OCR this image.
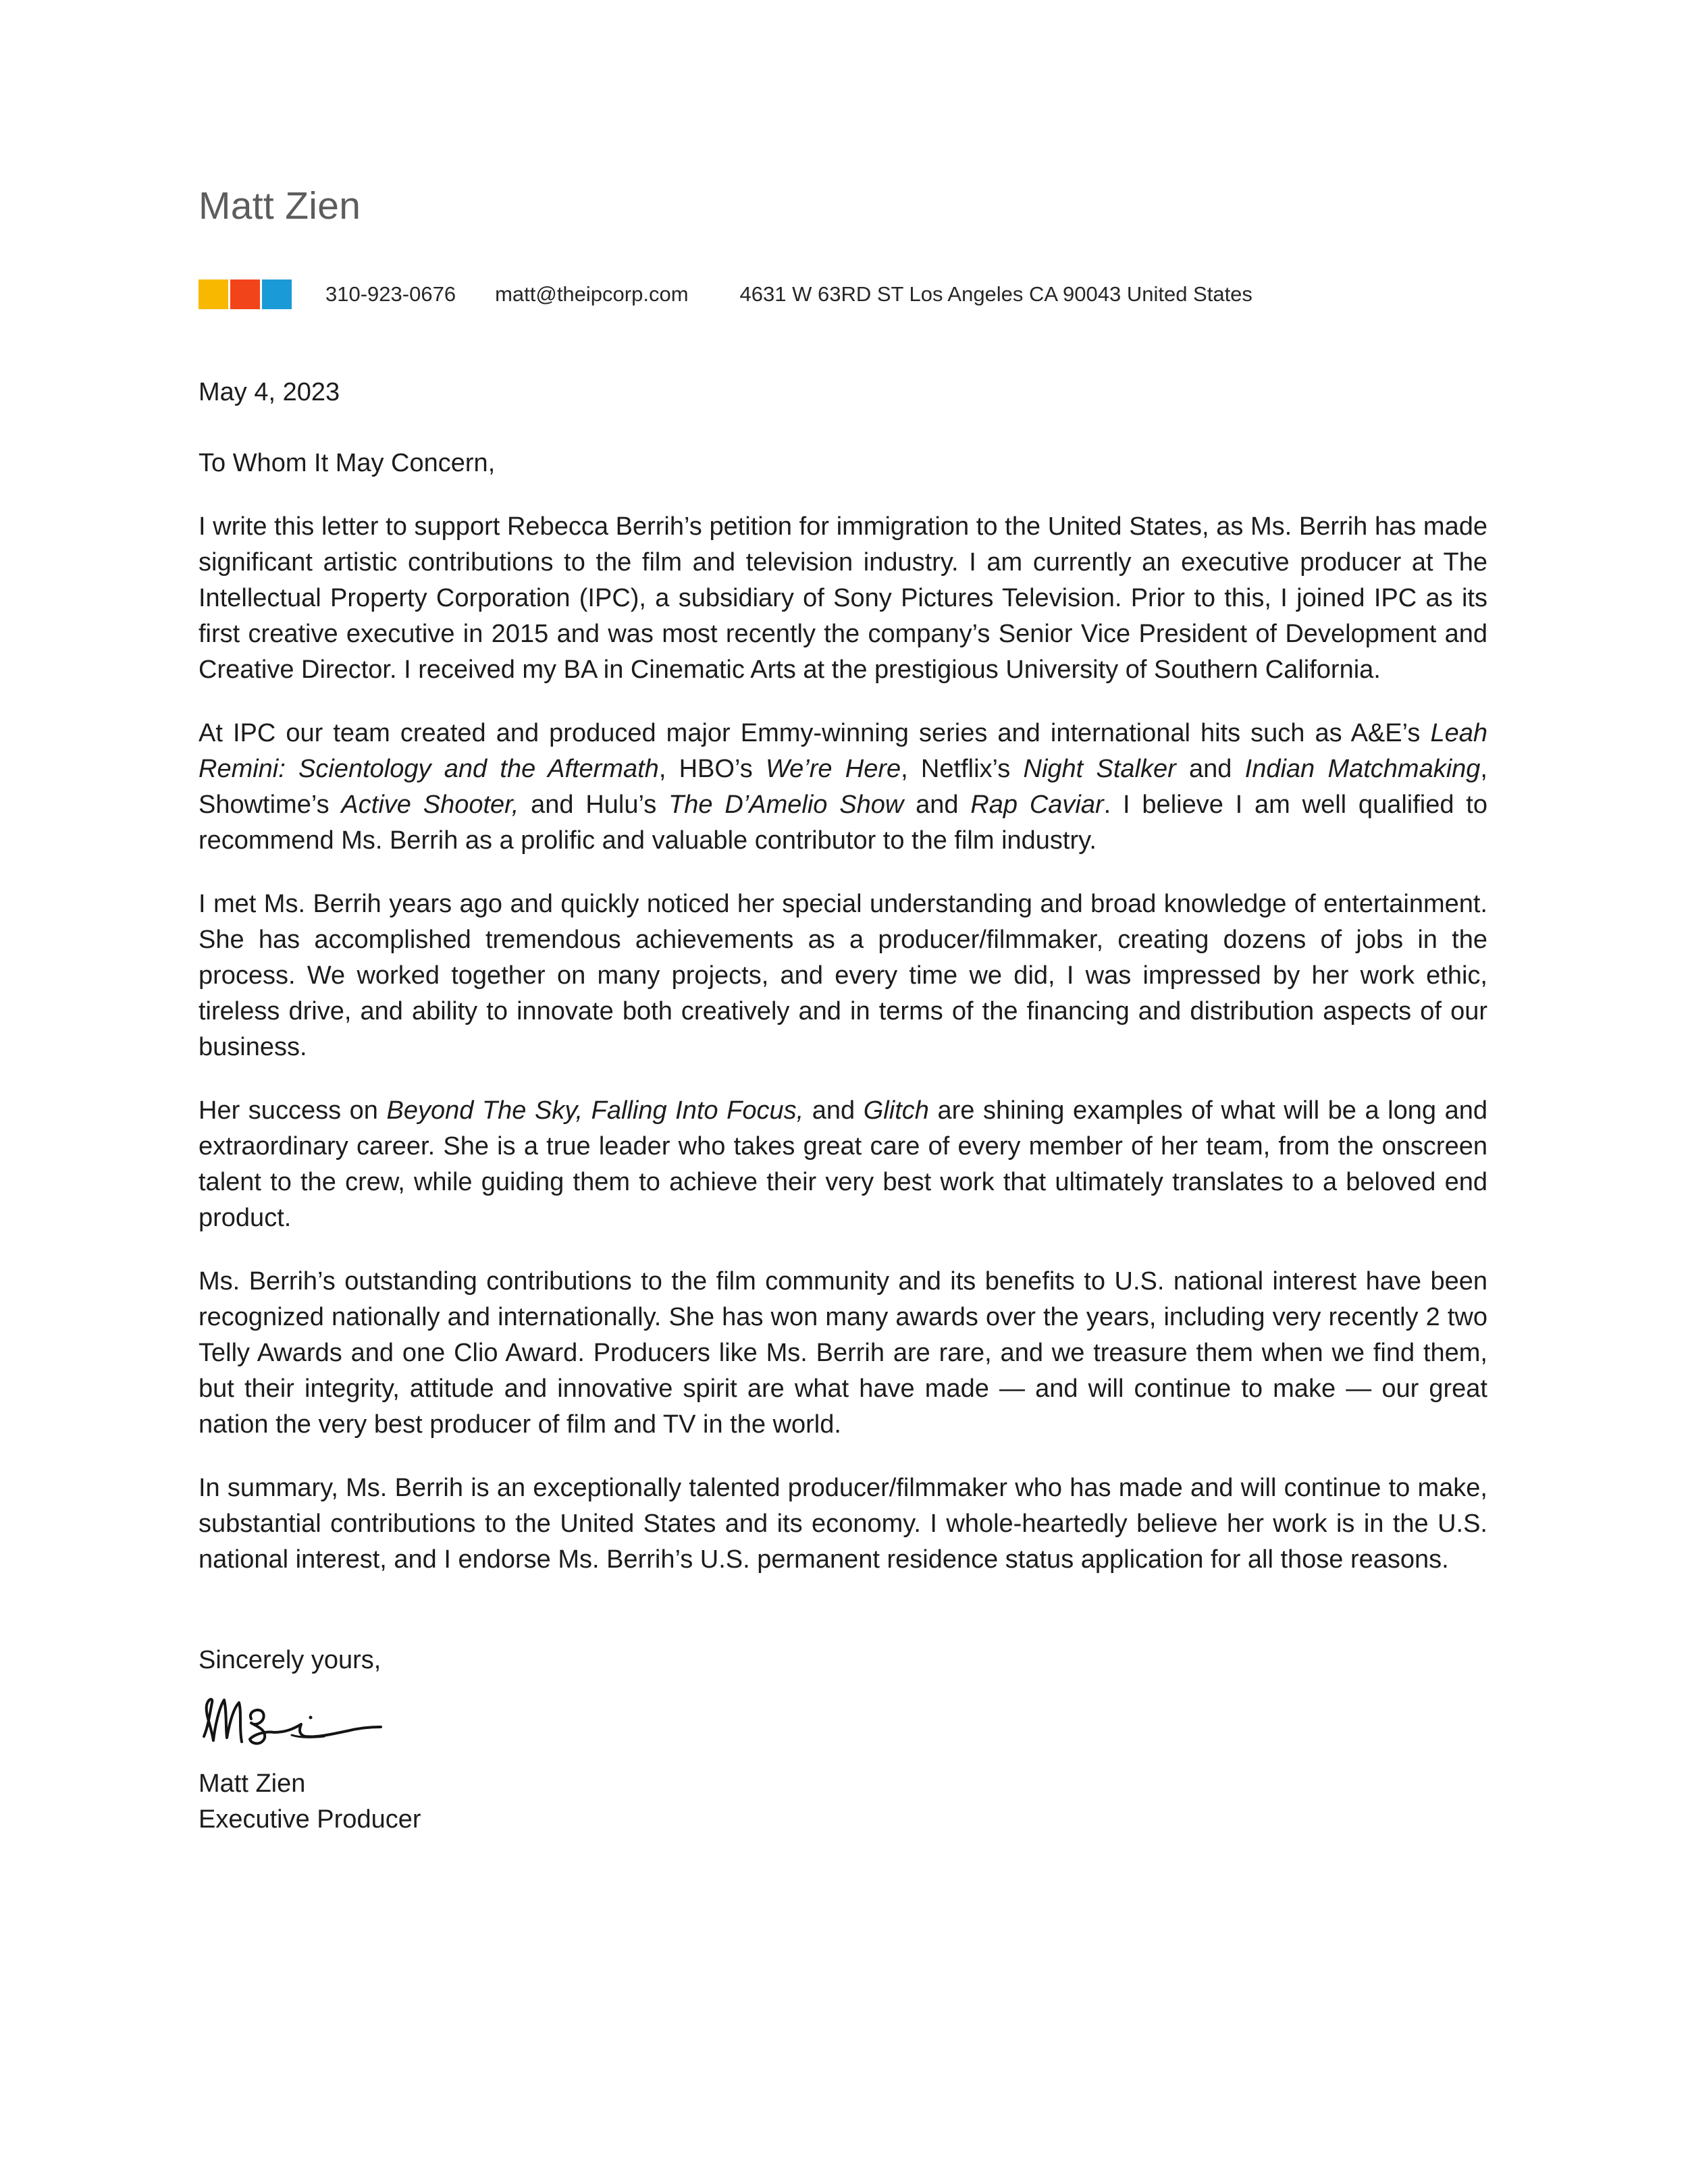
Matt Zien
310-923-0676 matt@theipcorp.com 4631 W 63RD ST Los Angeles CA 90043 United States

May 4, 2023

To Whom It May Concern,

I write this letter to support Rebecca Berrih’s petition for immigration to the United States, as Ms. Berrih has made significant artistic contributions to the film and television industry. I am currently an executive producer at The Intellectual Property Corporation (IPC), a subsidiary of Sony Pictures Television. Prior to this, I joined IPC as its first creative executive in 2015 and was most recently the company’s Senior Vice President of Development and Creative Director. I received my BA in Cinematic Arts at the prestigious University of Southern California.

At IPC our team created and produced major Emmy-winning series and international hits such as A&E’s Leah Remini: Scientology and the Aftermath, HBO’s We’re Here, Netflix’s Night Stalker and Indian Matchmaking, Showtime’s Active Shooter, and Hulu’s The D’Amelio Show and Rap Caviar. I believe I am well qualified to recommend Ms. Berrih as a prolific and valuable contributor to the film industry.

I met Ms. Berrih years ago and quickly noticed her special understanding and broad knowledge of entertainment. She has accomplished tremendous achievements as a producer/filmmaker, creating dozens of jobs in the process. We worked together on many projects, and every time we did, I was impressed by her work ethic, tireless drive, and ability to innovate both creatively and in terms of the financing and distribution aspects of our business.

Her success on Beyond The Sky, Falling Into Focus, and Glitch are shining examples of what will be a long and extraordinary career. She is a true leader who takes great care of every member of her team, from the onscreen talent to the crew, while guiding them to achieve their very best work that ultimately translates to a beloved end product.

Ms. Berrih’s outstanding contributions to the film community and its benefits to U.S. national interest have been recognized nationally and internationally. She has won many awards over the years, including very recently 2 two Telly Awards and one Clio Award. Producers like Ms. Berrih are rare, and we treasure them when we find them, but their integrity, attitude and innovative spirit are what have made — and will continue to make — our great nation the very best producer of film and TV in the world.

In summary, Ms. Berrih is an exceptionally talented producer/filmmaker who has made and will continue to make, substantial contributions to the United States and its economy. I whole-heartedly believe her work is in the U.S. national interest, and I endorse Ms. Berrih’s U.S. permanent residence status application for all those reasons.

Sincerely yours,

Matt Zien
Executive Producer
